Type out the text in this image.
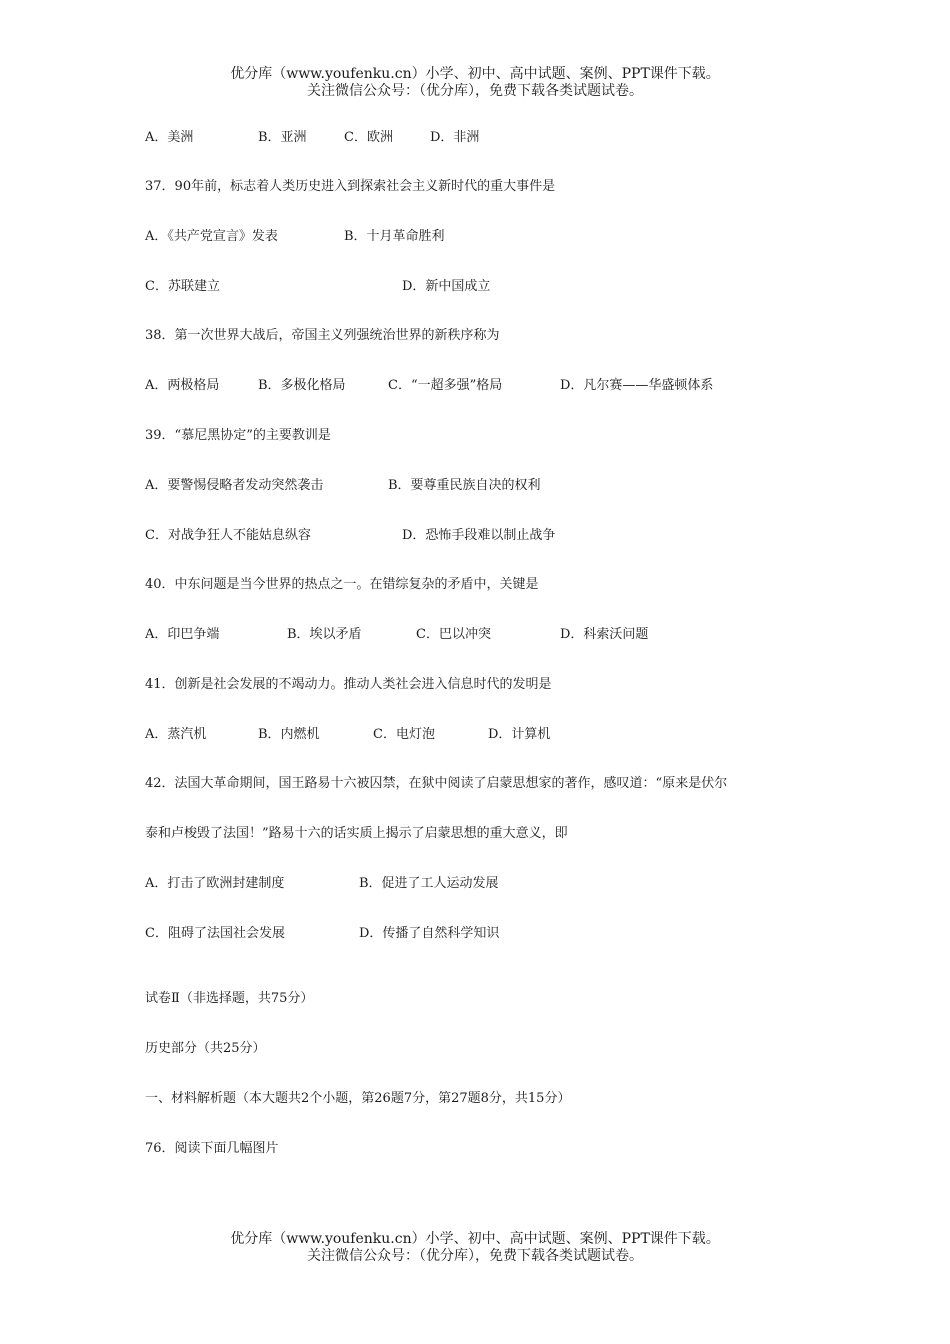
优分库（www.youfenku.cn）小学、初中、高中试题、案例、PPT课件下载。
关注微信公众号：（优分库），免费下载各类试题试卷。
A．美洲	B．亚洲	C．欧洲	D．非洲
37．90年前，标志着人类历史进入到探索社会主义新时代的重大事件是
A．《共产党宣言》发表	B．十月革命胜利
C．苏联建立	D．新中国成立
38．第一次世界大战后，帝国主义列强统治世界的新秩序称为
A．两极格局	B．多极化格局	C．“一超多强”格局	D．凡尔赛——华盛顿体系
39．“慕尼黑协定”的主要教训是
A．要警惕侵略者发动突然袭击	B．要尊重民族自决的权利
C．对战争狂人不能姑息纵容	D．恐怖手段难以制止战争
40．中东问题是当今世界的热点之一。在错综复杂的矛盾中，关键是
A．印巴争端	B．埃以矛盾	C．巴以冲突	D．科索沃问题
41．创新是社会发展的不竭动力。推动人类社会进入信息时代的发明是
A．蒸汽机	B．内燃机	C．电灯泡	D．计算机
42．法国大革命期间，国王路易十六被囚禁，在狱中阅读了启蒙思想家的著作，感叹道：“原来是伏尔
泰和卢梭毁了法国！”路易十六的话实质上揭示了启蒙思想的重大意义，即
A．打击了欧洲封建制度	B．促进了工人运动发展
C．阻碍了法国社会发展	D．传播了自然科学知识
试卷Ⅱ（非选择题，共75分）
历史部分（共25分）
一、材料解析题（本大题共2个小题，第26题7分，第27题8分，共15分）
76．阅读下面几幅图片
优分库（www.youfenku.cn）小学、初中、高中试题、案例、PPT课件下载。
关注微信公众号：（优分库），免费下载各类试题试卷。
